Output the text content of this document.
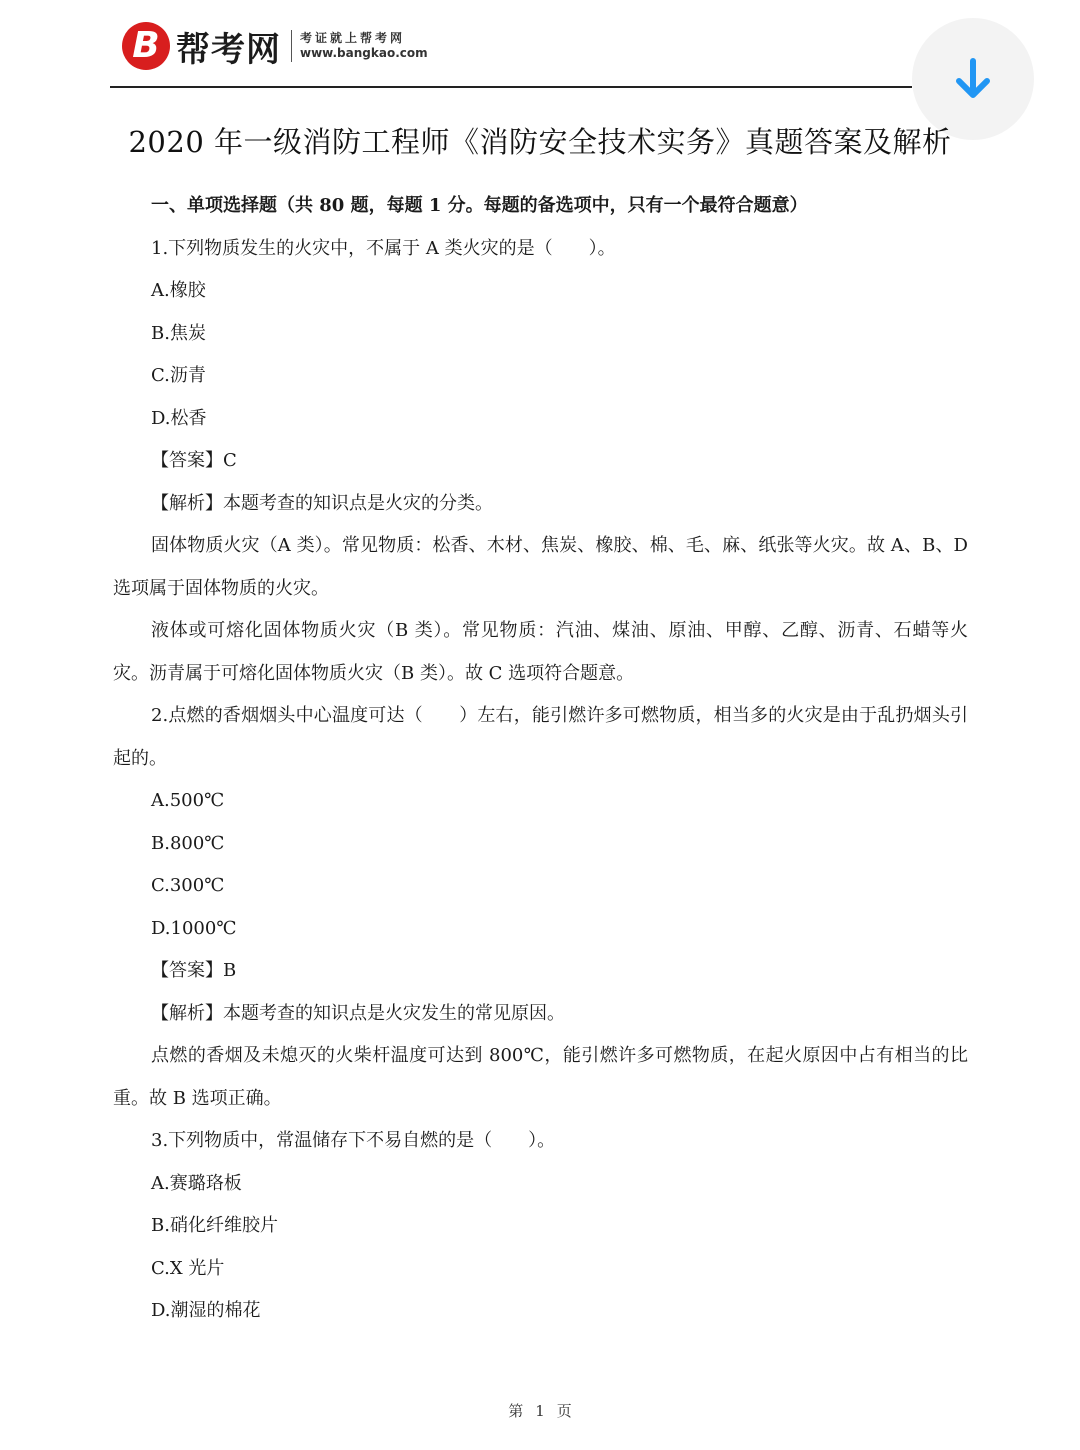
B 帮考网 考证就上帮考网
www.bangkao.com
2020 年一级消防工程师《消防安全技术实务》真题答案及解析

一、单项选择题（共 80 题，每题 1 分。每题的备选项中，只有一个最符合题意）

1.下列物质发生的火灾中，不属于 A 类火灾的是（　　）。

A.橡胶

B.焦炭

C.沥青

D.松香

【答案】C

【解析】本题考查的知识点是火灾的分类。

固体物质火灾（A 类）。常见物质：松香、木材、焦炭、橡胶、棉、毛、麻、纸张等火灾。故 A、B、D 选项属于固体物质的火灾。

液体或可熔化固体物质火灾（B 类）。常见物质：汽油、煤油、原油、甲醇、乙醇、沥青、石蜡等火灾。沥青属于可熔化固体物质火灾（B 类）。故 C 选项符合题意。

2.点燃的香烟烟头中心温度可达（　　）左右，能引燃许多可燃物质，相当多的火灾是由于乱扔烟头引起的。

A.500℃

B.800℃

C.300℃

D.1000℃

【答案】B

【解析】本题考查的知识点是火灾发生的常见原因。

点燃的香烟及未熄灭的火柴杆温度可达到 800℃，能引燃许多可燃物质，在起火原因中占有相当的比重。故 B 选项正确。

3.下列物质中，常温储存下不易自燃的是（　　）。

A.赛璐珞板

B.硝化纤维胶片

C.X 光片

D.潮湿的棉花

第 1 页
